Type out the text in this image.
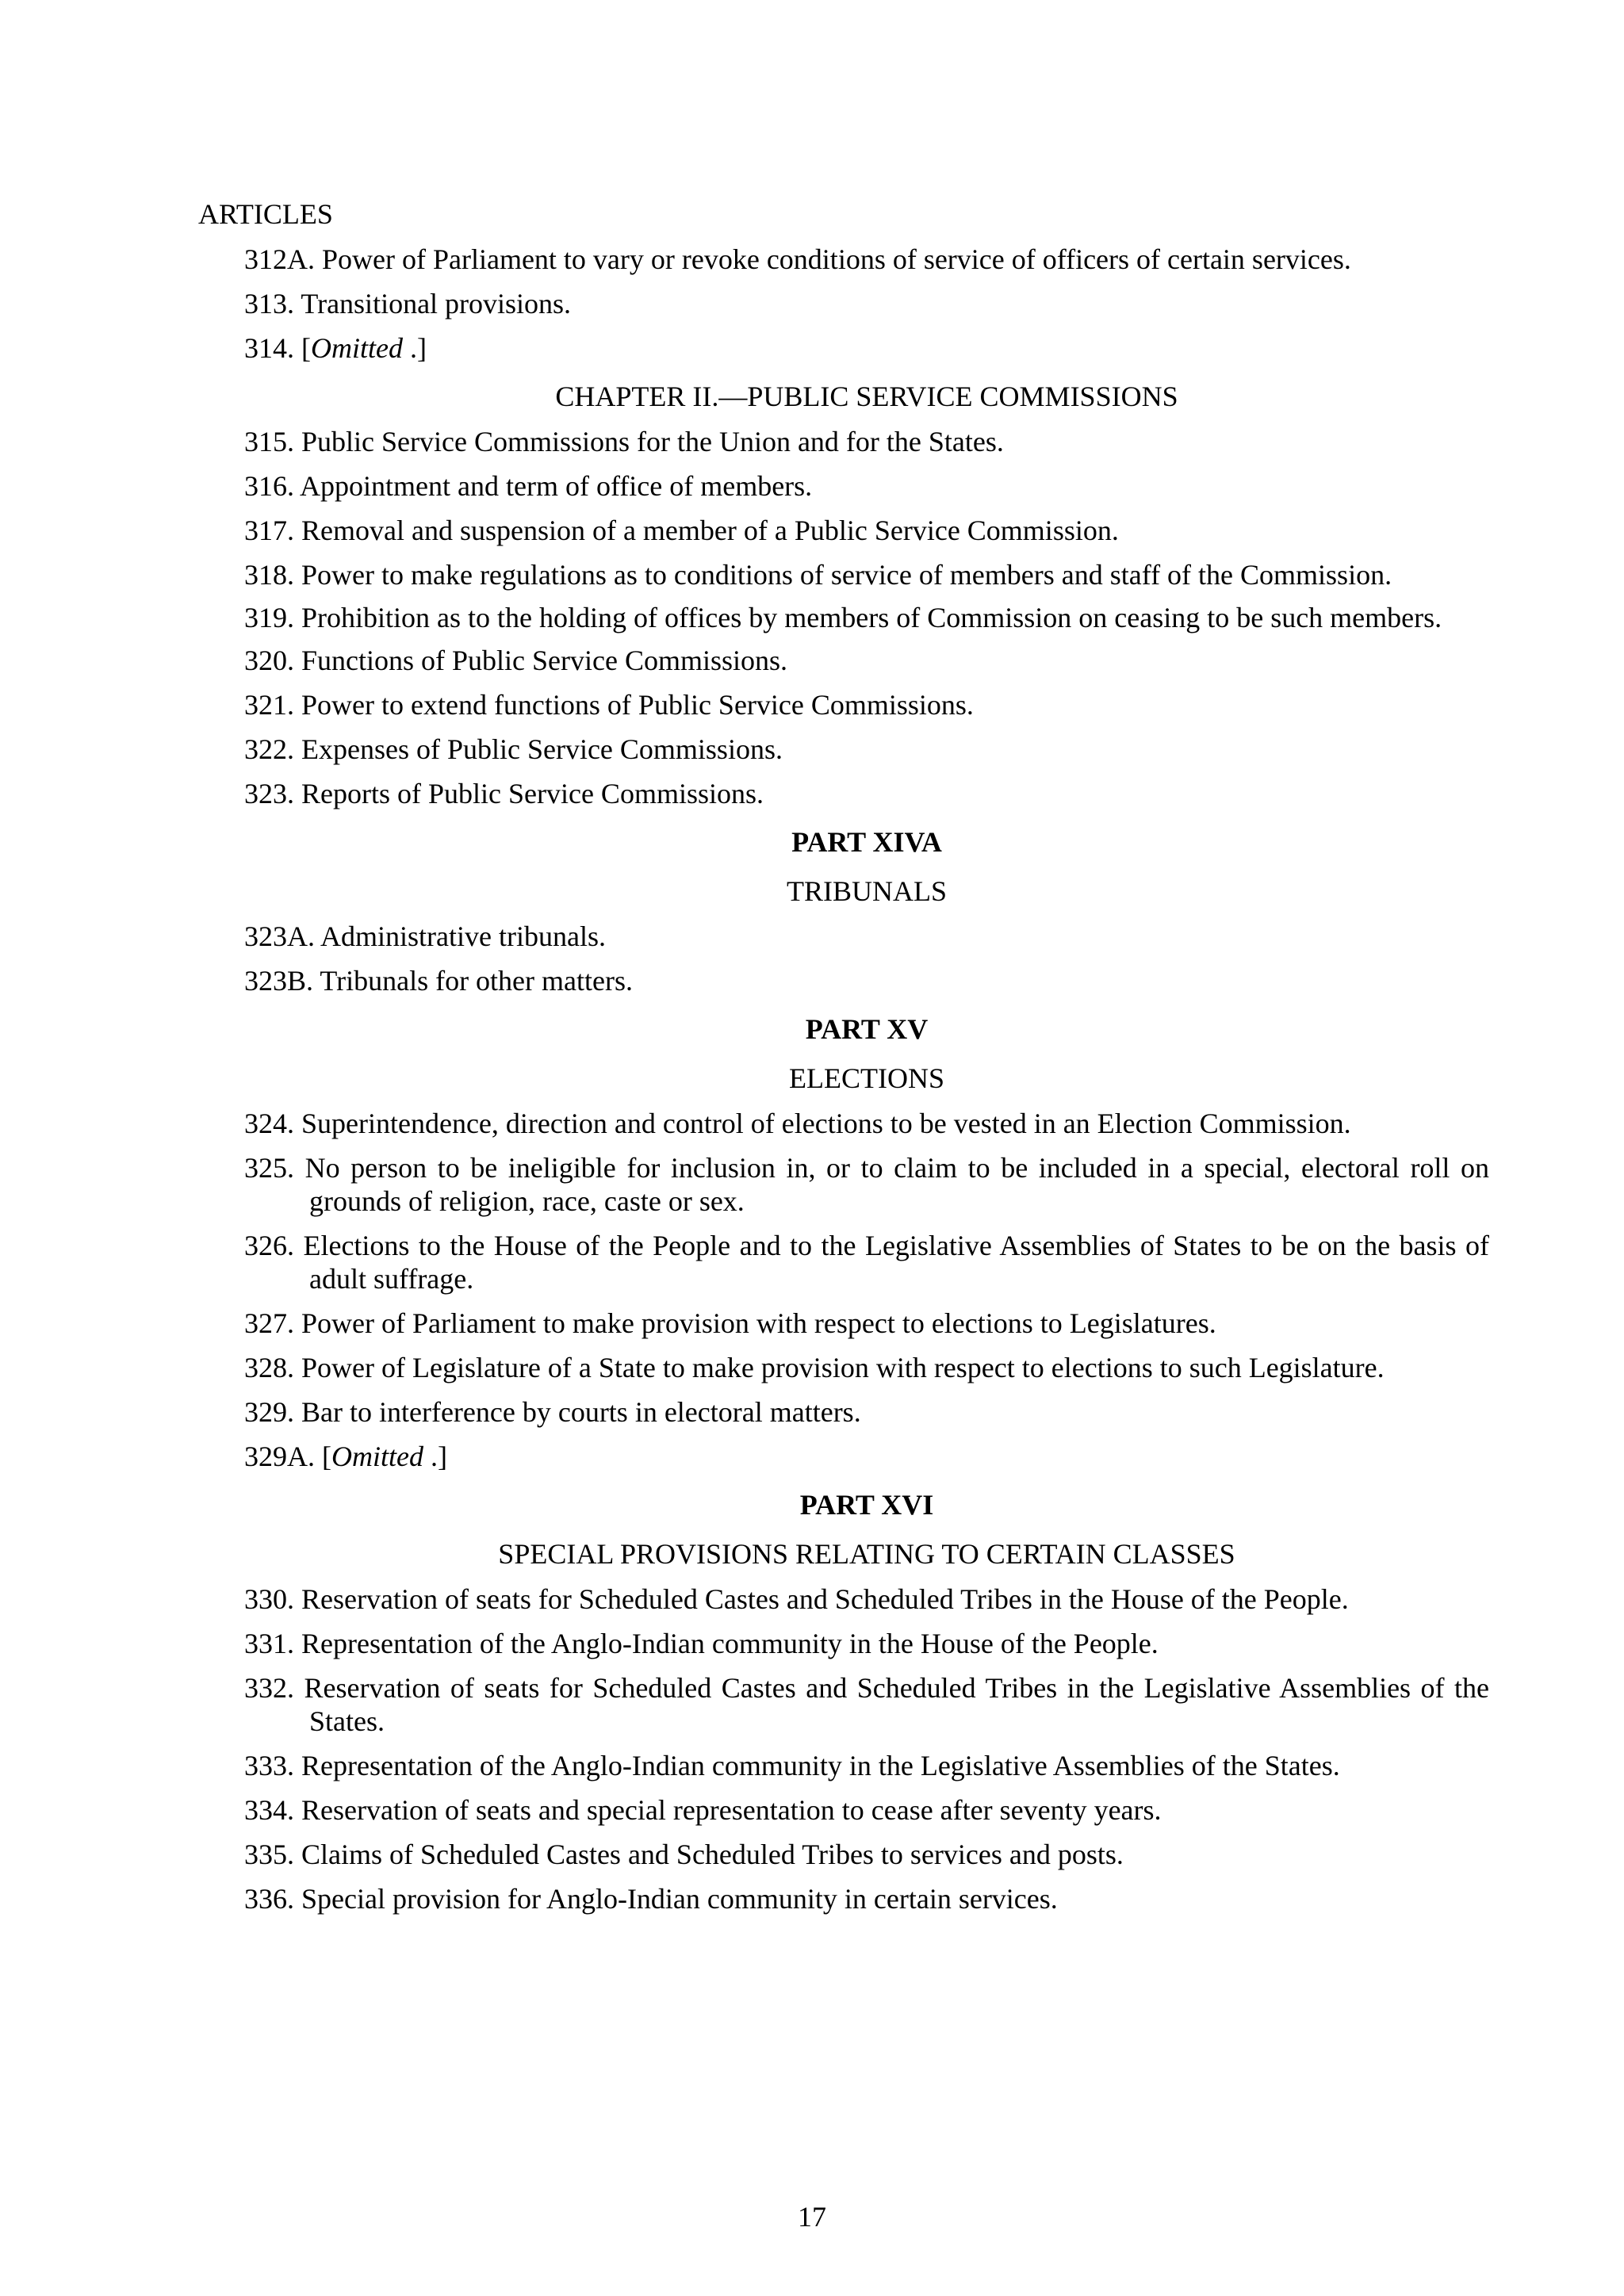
ARTICLES
312A. Power of Parliament to vary or revoke conditions of service of officers of certain services.
313. Transitional provisions.
314. [Omitted .]
CHAPTER II.—PUBLIC SERVICE COMMISSIONS
315. Public Service Commissions for the Union and for the States.
316. Appointment and term of office of members.
317. Removal and suspension of a member of a Public Service Commission.
318. Power to make regulations as to conditions of service of members and staff of the Commission.
319. Prohibition as to the holding of offices by members of Commission on ceasing to be such members.
320. Functions of Public Service Commissions.
321. Power to extend functions of Public Service Commissions.
322. Expenses of Public Service Commissions.
323. Reports of Public Service Commissions.
PART XIVA
TRIBUNALS
323A. Administrative tribunals.
323B. Tribunals for other matters.
PART XV
ELECTIONS
324. Superintendence, direction and control of elections to be vested in an Election Commission.
325. No person to be ineligible for inclusion in, or to claim to be included in a special, electoral roll on grounds of religion, race, caste or sex.
326. Elections to the House of the People and to the Legislative Assemblies of States to be on the basis of adult suffrage.
327. Power of Parliament to make provision with respect to elections to Legislatures.
328. Power of Legislature of a State to make provision with respect to elections to such Legislature.
329. Bar to interference by courts in electoral matters.
329A. [Omitted .]
PART XVI
SPECIAL PROVISIONS RELATING TO CERTAIN CLASSES
330. Reservation of seats for Scheduled Castes and Scheduled Tribes in the House of the People.
331. Representation of the Anglo-Indian community in the House of the People.
332. Reservation of seats for Scheduled Castes and Scheduled Tribes in the Legislative Assemblies of the States.
333. Representation of the Anglo-Indian community in the Legislative Assemblies of the States.
334. Reservation of seats and special representation to cease after seventy years.
335. Claims of Scheduled Castes and Scheduled Tribes to services and posts.
336. Special provision for Anglo-Indian community in certain services.
17
